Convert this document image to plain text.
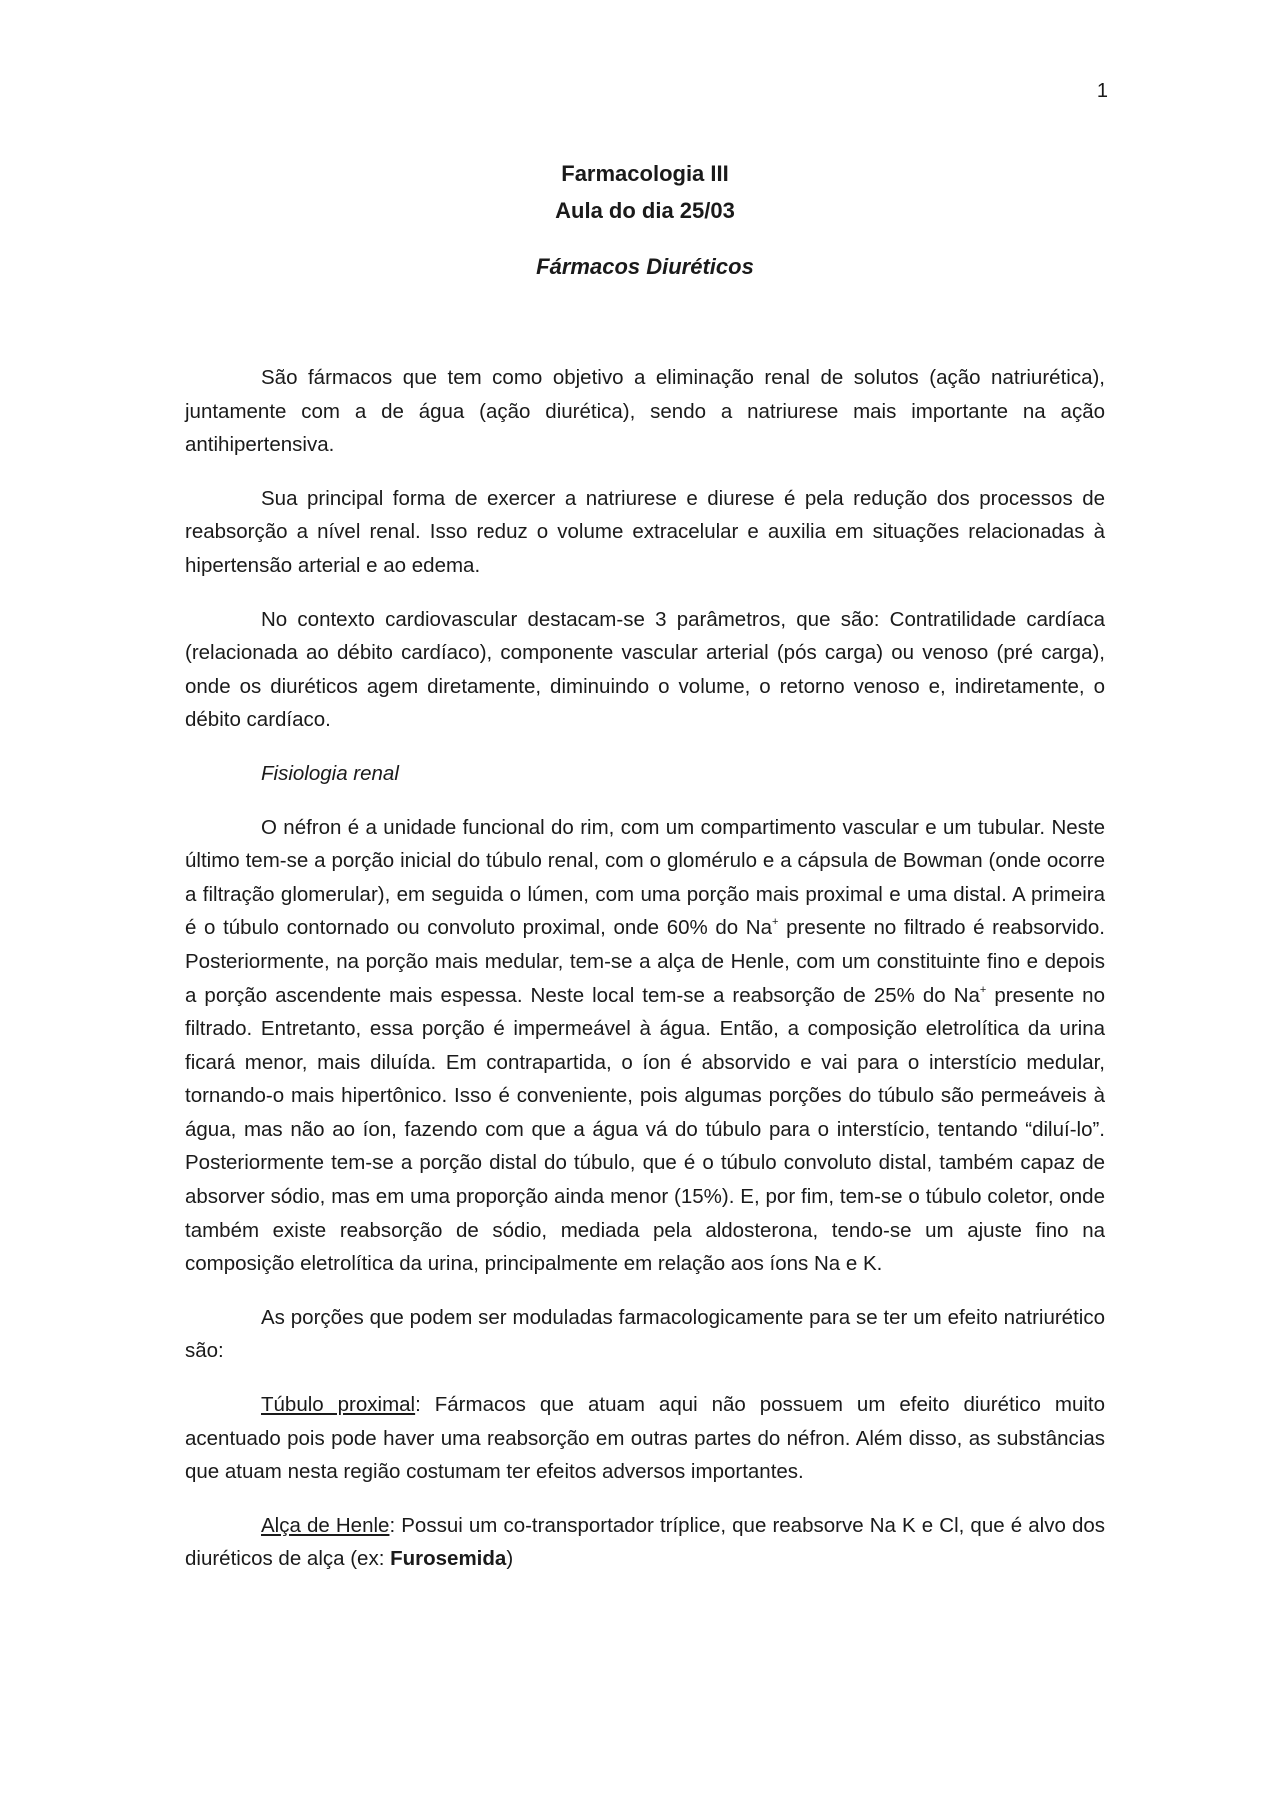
1

Farmacologia III

Aula do dia 25/03

Fármacos Diuréticos

São fármacos que tem como objetivo a eliminação renal de solutos (ação natriurética), juntamente com a de água (ação diurética), sendo a natriurese mais importante na ação antihipertensiva.

Sua principal forma de exercer a natriurese e diurese é pela redução dos processos de reabsorção a nível renal. Isso reduz o volume extracelular e auxilia em situações relacionadas à hipertensão arterial e ao edema.

No contexto cardiovascular destacam-se 3 parâmetros, que são: Contratilidade cardíaca (relacionada ao débito cardíaco), componente vascular arterial (pós carga) ou venoso (pré carga), onde os diuréticos agem diretamente, diminuindo o volume, o retorno venoso e, indiretamente, o débito cardíaco.

Fisiologia renal

O néfron é a unidade funcional do rim, com um compartimento vascular e um tubular. Neste último tem-se a porção inicial do túbulo renal, com o glomérulo e a cápsula de Bowman (onde ocorre a filtração glomerular), em seguida o lúmen, com uma porção mais proximal e uma distal. A primeira é o túbulo contornado ou convoluto proximal, onde 60% do Na+ presente no filtrado é reabsorvido. Posteriormente, na porção mais medular, tem-se a alça de Henle, com um constituinte fino e depois a porção ascendente mais espessa. Neste local tem-se a reabsorção de 25% do Na+ presente no filtrado. Entretanto, essa porção é impermeável à água. Então, a composição eletrolítica da urina ficará menor, mais diluída. Em contrapartida, o íon é absorvido e vai para o interstício medular, tornando-o mais hipertônico. Isso é conveniente, pois algumas porções do túbulo são permeáveis à água, mas não ao íon, fazendo com que a água vá do túbulo para o interstício, tentando “diluí-lo”. Posteriormente tem-se a porção distal do túbulo, que é o túbulo convoluto distal, também capaz de absorver sódio, mas em uma proporção ainda menor (15%). E, por fim, tem-se o túbulo coletor, onde também existe reabsorção de sódio, mediada pela aldosterona, tendo-se um ajuste fino na composição eletrolítica da urina, principalmente em relação aos íons Na e K.

As porções que podem ser moduladas farmacologicamente para se ter um efeito natriurético são:

Túbulo proximal: Fármacos que atuam aqui não possuem um efeito diurético muito acentuado pois pode haver uma reabsorção em outras partes do néfron. Além disso, as substâncias que atuam nesta região costumam ter efeitos adversos importantes.

Alça de Henle: Possui um co-transportador tríplice, que reabsorve Na K e Cl, que é alvo dos diuréticos de alça (ex: Furosemida)
